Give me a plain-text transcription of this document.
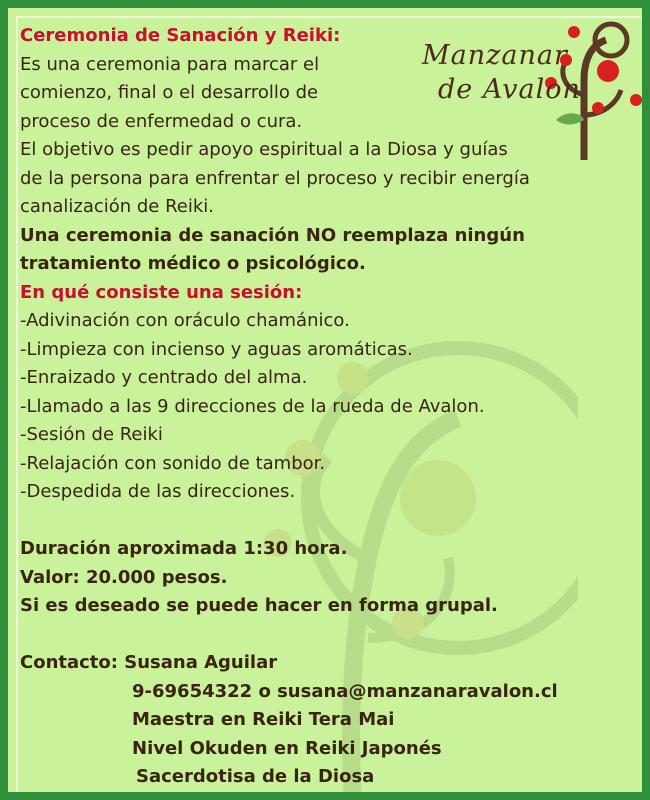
Manzanar
de Avalon
Ceremonia de Sanación y Reiki:
Es una ceremonia para marcar el
comienzo, final o el desarrollo de
proceso de enfermedad o cura.
El objetivo es pedir apoyo espiritual a la Diosa y guías
de la persona para enfrentar el proceso y recibir energía
canalización de Reiki.
Una ceremonia de sanación NO reemplaza ningún
tratamiento médico o psicológico.
En qué consiste una sesión:
-Adivinación con oráculo chamánico.
-Limpieza con incienso y aguas aromáticas.
-Enraizado y centrado del alma.
-Llamado a las 9 direcciones de la rueda de Avalon.
-Sesión de Reiki
-Relajación con sonido de tambor.
-Despedida de las direcciones.
Duración aproximada 1:30 hora.
Valor: 20.000 pesos.
Si es deseado se puede hacer en forma grupal.
Contacto: Susana Aguilar
9-69654322 o susana@manzanaravalon.cl
Maestra en Reiki Tera Mai
Nivel Okuden en Reiki Japonés
Sacerdotisa de la Diosa
